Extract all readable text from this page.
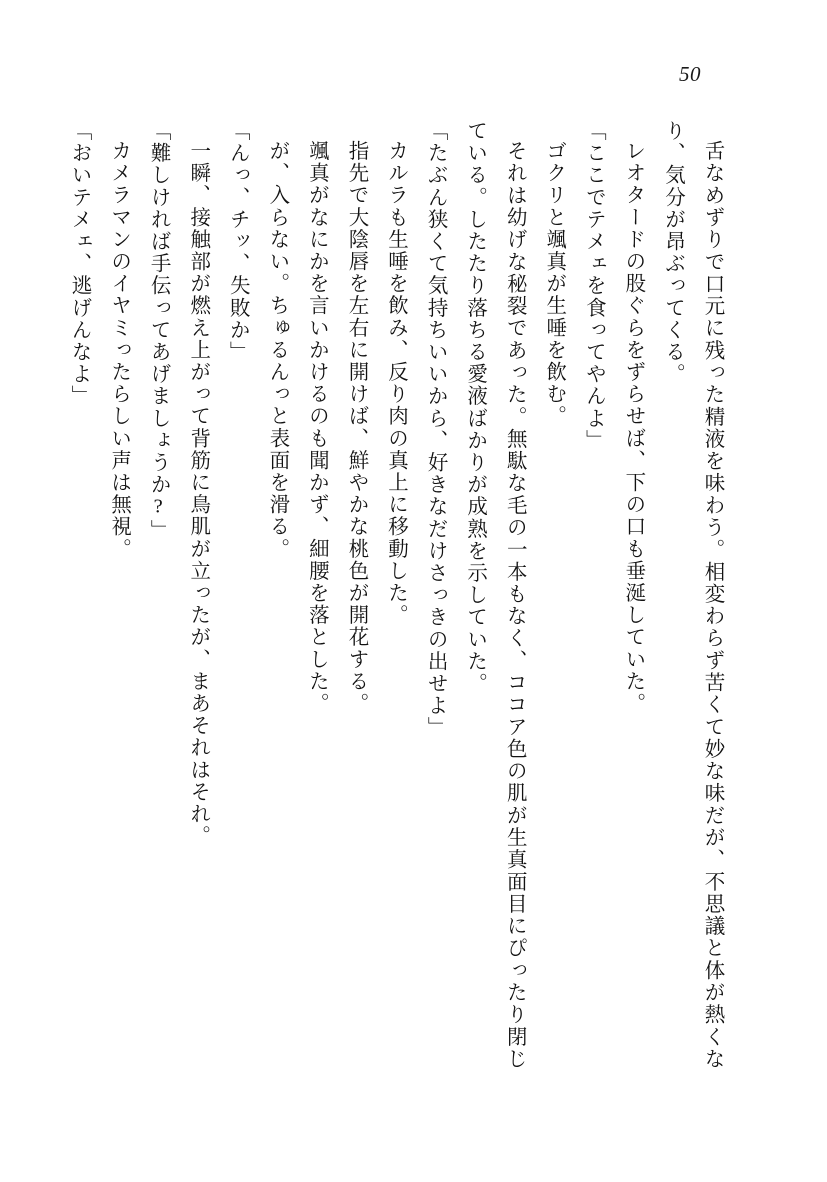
50

舌なめずりで口元に残った精液を味わう。相変わらず苦くて妙な味だが、不思議と体が熱くなり、気分が昂ぶってくる。

レオタードの股ぐらをずらせば、下の口も垂涎していた。

「ここでテメェを食ってやんよ」

ゴクリと颯真が生唾を飲む。

それは幼げな秘裂であった。無駄な毛の一本もなく、ココア色の肌が生真面目にぴったり閉じている。したたり落ちる愛液ばかりが成熟を示していた。

「たぶん狭くて気持ちいいから、好きなだけさっきの出せよ」

カルラも生唾を飲み、反り肉の真上に移動した。

指先で大陰唇を左右に開けば、鮮やかな桃色が開花する。

颯真がなにかを言いかけるのも聞かず、細腰を落とした。

が、入らない。ちゅるんっと表面を滑る。

「んっ、チッ、失敗か」

一瞬、接触部が燃え上がって背筋に鳥肌が立ったが、まあそれはそれ。

「難しければ手伝ってあげましょうか?」

カメラマンのイヤミったらしい声は無視。

「おいテメェ、逃げんなよ」
